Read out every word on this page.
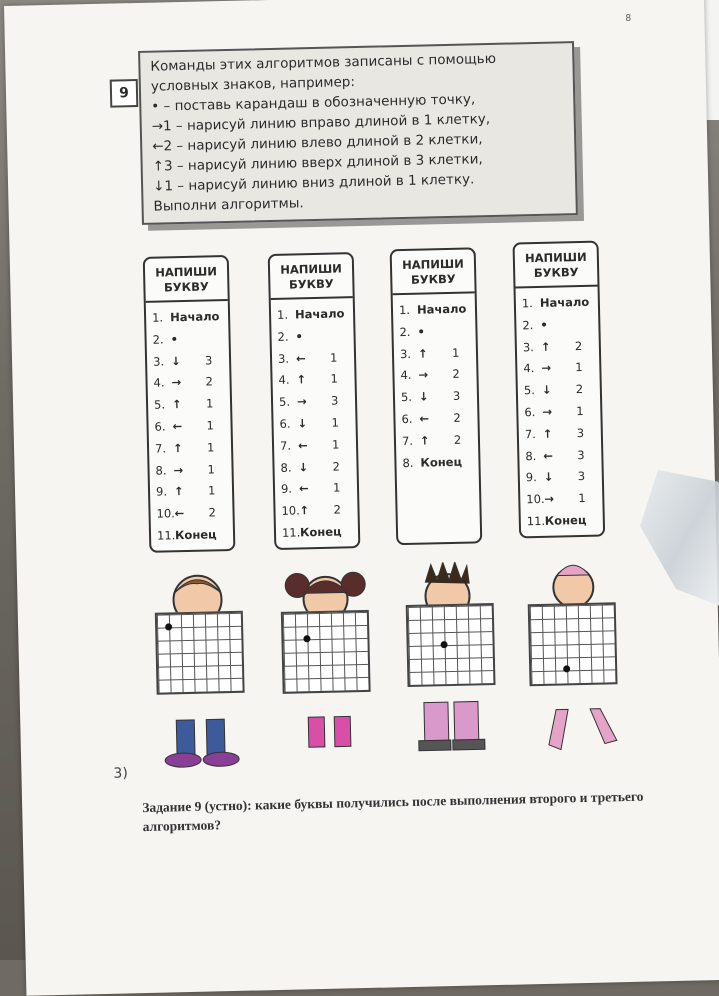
8
9
Команды этих алгоритмов записаны с помощью
условных знаков, например:
• – поставь карандаш в обозначенную точку,
→1 – нарисуй линию вправо длиной в 1 клетку,
←2 – нарисуй линию влево длиной в 2 клетки,
↑3 – нарисуй линию вверх длиной в 3 клетки,
↓1 – нарисуй линию вниз длиной в 1 клетку.
Выполни алгоритмы.
НАПИШИ БУКВУ
1. Начало
2. •
3. ↓ 3
4. → 2
5. ↑ 1
6. ← 1
7. ↑ 1
8. → 1
9. ↑ 1
10.← 2
11.Конец
НАПИШИ БУКВУ
1. Начало
2. •
3. ← 1
4. ↑ 1
5. → 3
6. ↓ 1
7. ← 1
8. ↓ 2
9. ← 1
10.↑ 2
11.Конец
НАПИШИ БУКВУ
1. Начало
2. •
3. ↑ 1
4. → 2
5. ↓ 3
6. ← 2
7. ↑ 2
8. Конец
НАПИШИ БУКВУ
1. Начало
2. •
3. ↑ 2
4. → 1
5. ↓ 2
6. → 1
7. ↑ 3
8. ← 3
9. ↓ 3
10.→ 1
11.Конец
3)
Задание 9 (устно): какие буквы получились после выполнения второго и третьего алгоритмов?
